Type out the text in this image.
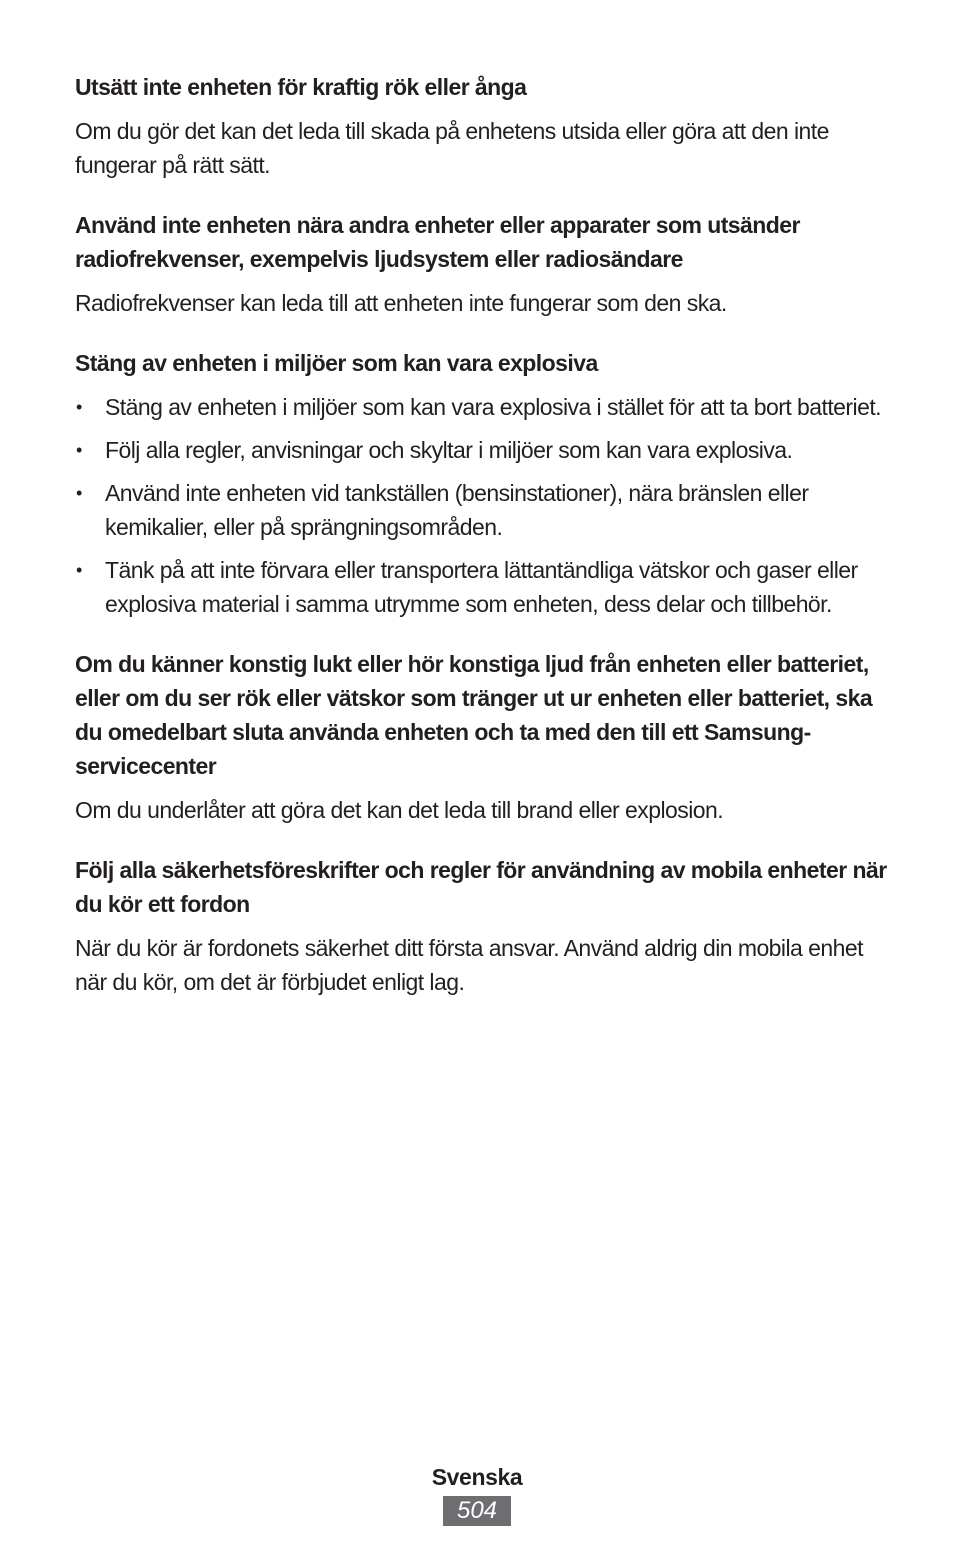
Utsätt inte enheten för kraftig rök eller ånga

Om du gör det kan det leda till skada på enhetens utsida eller göra att den inte fungerar på rätt sätt.

Använd inte enheten nära andra enheter eller apparater som utsänder radiofrekvenser, exempelvis ljudsystem eller radiosändare

Radiofrekvenser kan leda till att enheten inte fungerar som den ska.

Stäng av enheten i miljöer som kan vara explosiva

• Stäng av enheten i miljöer som kan vara explosiva i stället för att ta bort batteriet.
• Följ alla regler, anvisningar och skyltar i miljöer som kan vara explosiva.
• Använd inte enheten vid tankställen (bensinstationer), nära bränslen eller kemikalier, eller på sprängningsområden.
• Tänk på att inte förvara eller transportera lättantändliga vätskor och gaser eller explosiva material i samma utrymme som enheten, dess delar och tillbehör.

Om du känner konstig lukt eller hör konstiga ljud från enheten eller batteriet, eller om du ser rök eller vätskor som tränger ut ur enheten eller batteriet, ska du omedelbart sluta använda enheten och ta med den till ett Samsung-servicecenter

Om du underlåter att göra det kan det leda till brand eller explosion.

Följ alla säkerhetsföreskrifter och regler för användning av mobila enheter när du kör ett fordon

När du kör är fordonets säkerhet ditt första ansvar. Använd aldrig din mobila enhet när du kör, om det är förbjudet enligt lag.

Svenska
504
